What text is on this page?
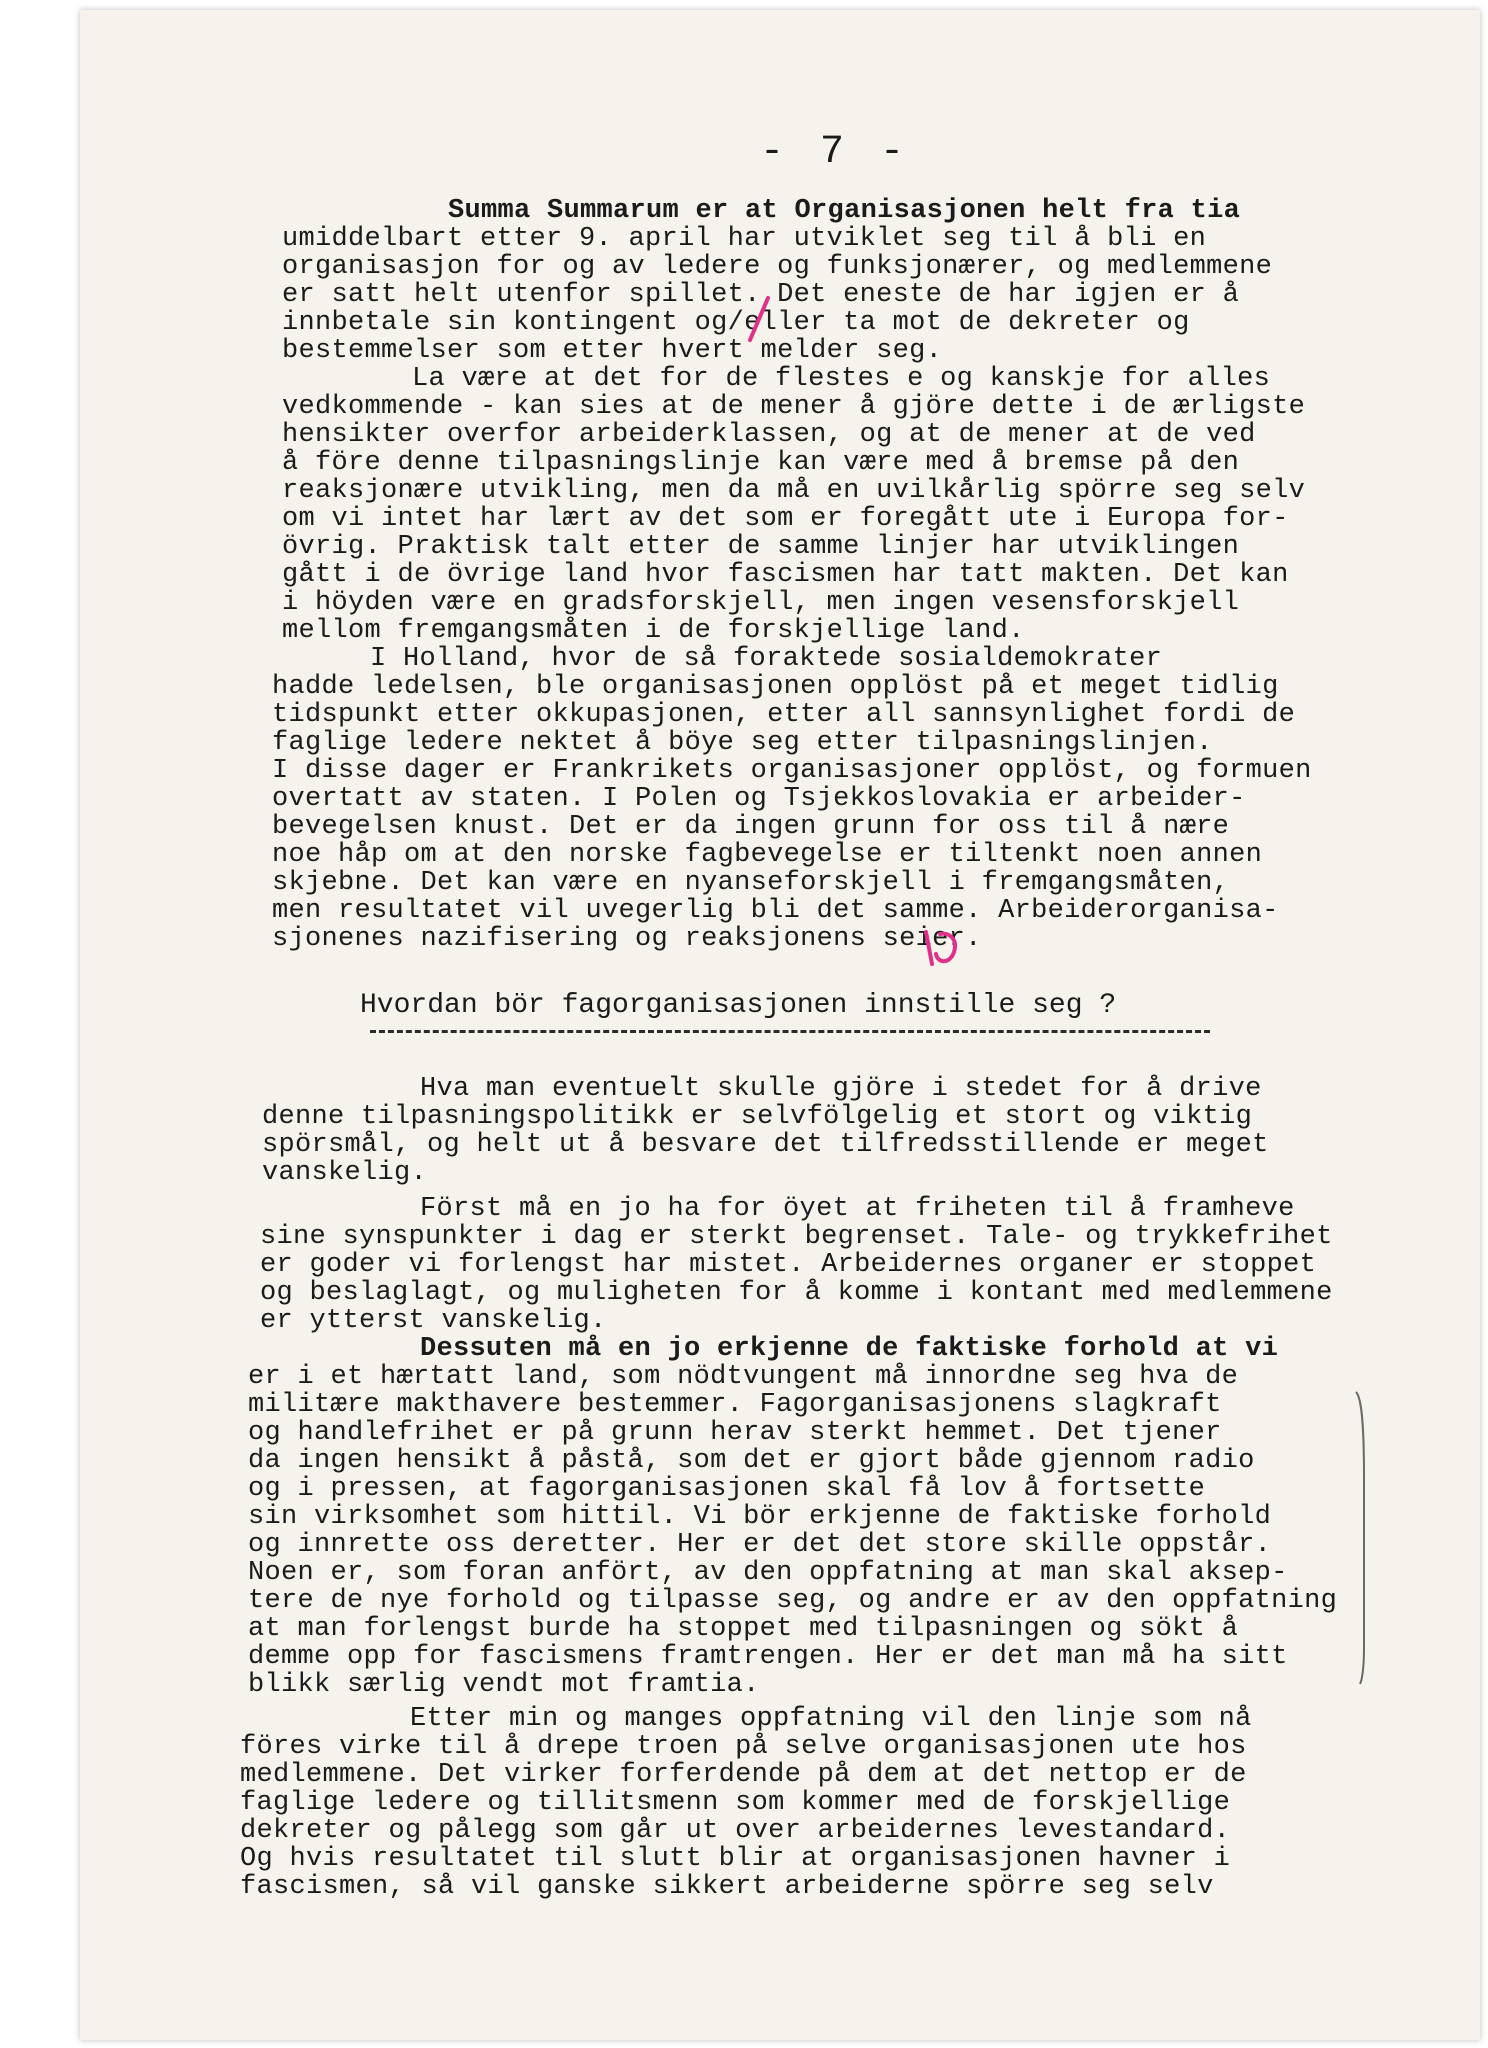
- 7 -
Summa Summarum er at Organisasjonen helt fra tia
umiddelbart etter 9. april har utviklet seg til å bli en
organisasjon for og av ledere og funksjonærer, og medlemmene
er satt helt utenfor spillet. Det eneste de har igjen er å
innbetale sin kontingent og/eller ta mot de dekreter og
bestemmelser som etter hvert melder seg.
La være at det for de flestes e og kanskje for alles
vedkommende - kan sies at de mener å gjöre dette i de ærligste
hensikter overfor arbeiderklassen, og at de mener at de ved
å före denne tilpasningslinje kan være med å bremse på den
reaksjonære utvikling, men da må en uvilkårlig spörre seg selv
om vi intet har lært av det som er foregått ute i Europa for-
övrig. Praktisk talt etter de samme linjer har utviklingen
gått i de övrige land hvor fascismen har tatt makten. Det kan
i höyden være en gradsforskjell, men ingen vesensforskjell
mellom fremgangsmåten i de forskjellige land.
I Holland, hvor de så foraktede sosialdemokrater
hadde ledelsen, ble organisasjonen opplöst på et meget tidlig
tidspunkt etter okkupasjonen, etter all sannsynlighet fordi de
faglige ledere nektet å böye seg etter tilpasningslinjen.
I disse dager er Frankrikets organisasjoner opplöst, og formuen
overtatt av staten. I Polen og Tsjekkoslovakia er arbeider-
bevegelsen knust. Det er da ingen grunn for oss til å nære
noe håp om at den norske fagbevegelse er tiltenkt noen annen
skjebne. Det kan være en nyanseforskjell i fremgangsmåten,
men resultatet vil uvegerlig bli det samme. Arbeiderorganisa-
sjonenes nazifisering og reaksjonens seier.
Hvordan bör fagorganisasjonen innstille seg ?
Hva man eventuelt skulle gjöre i stedet for å drive
denne tilpasningspolitikk er selvfölgelig et stort og viktig
spörsmål, og helt ut å besvare det tilfredsstillende er meget
vanskelig.
Först må en jo ha for öyet at friheten til å framheve
sine synspunkter i dag er sterkt begrenset. Tale- og trykkefrihet
er goder vi forlengst har mistet. Arbeidernes organer er stoppet
og beslaglagt, og muligheten for å komme i kontant med medlemmene
er ytterst vanskelig.
Dessuten må en jo erkjenne de faktiske forhold at vi
er i et hærtatt land, som nödtvungent må innordne seg hva de
militære makthavere bestemmer. Fagorganisasjonens slagkraft
og handlefrihet er på grunn herav sterkt hemmet. Det tjener
da ingen hensikt å påstå, som det er gjort både gjennom radio
og i pressen, at fagorganisasjonen skal få lov å fortsette
sin virksomhet som hittil. Vi bör erkjenne de faktiske forhold
og innrette oss deretter. Her er det det store skille oppstår.
Noen er, som foran anfört, av den oppfatning at man skal aksep-
tere de nye forhold og tilpasse seg, og andre er av den oppfatning
at man forlengst burde ha stoppet med tilpasningen og sökt å
demme opp for fascismens framtrengen. Her er det man må ha sitt
blikk særlig vendt mot framtia.
Etter min og manges oppfatning vil den linje som nå
föres virke til å drepe troen på selve organisasjonen ute hos
medlemmene. Det virker forferdende på dem at det nettop er de
faglige ledere og tillitsmenn som kommer med de forskjellige
dekreter og pålegg som går ut over arbeidernes levestandard.
Og hvis resultatet til slutt blir at organisasjonen havner i
fascismen, så vil ganske sikkert arbeiderne spörre seg selv
